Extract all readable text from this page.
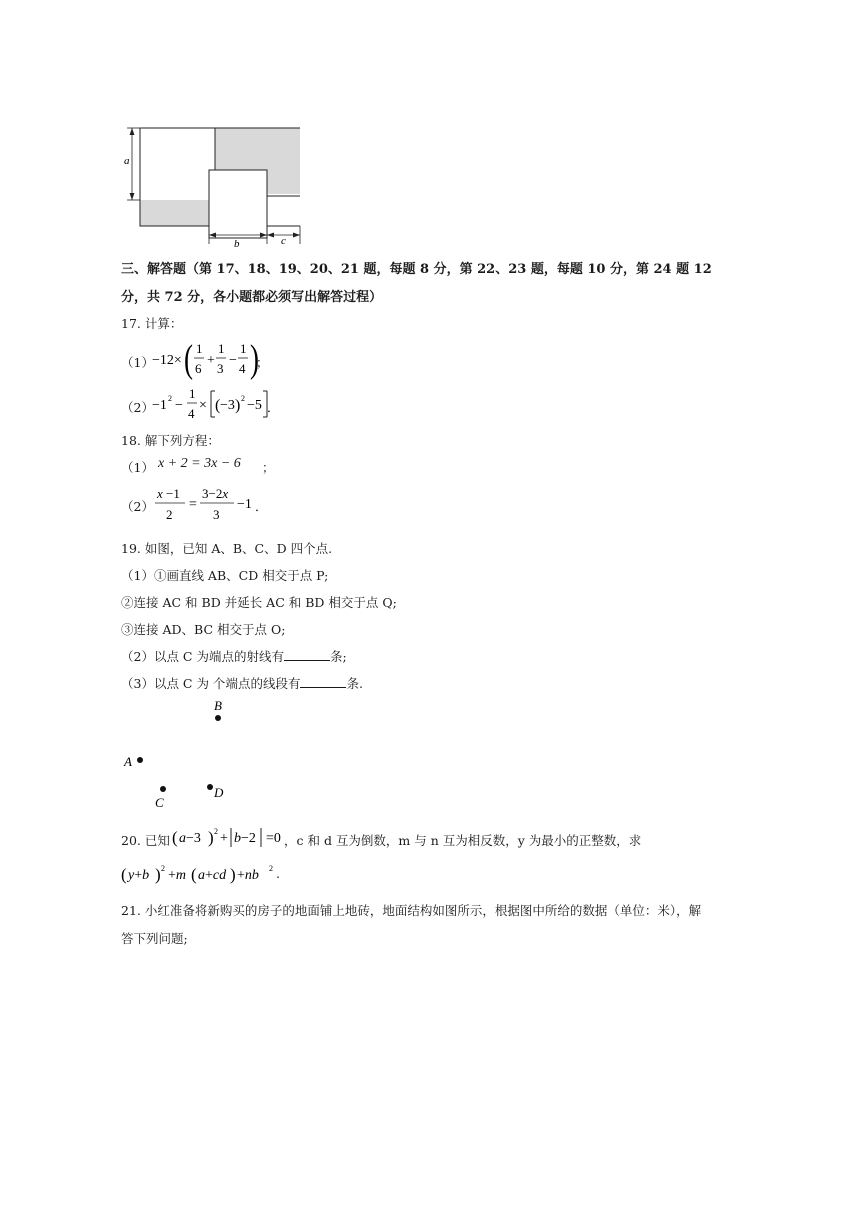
a
b	c
三、解答题（第 17、18、19、20、21 题，每题 8 分，第 22、23 题，每题 10 分，第 24 题 12
分，共 72 分，各小题都必须写出解答过程）
17. 计算：
（1）
−12× ( 1
6
+
1
3
−
1
4 )
；
（2）
−1 2 −
1
4
× ( −3 ) 2 −5 ．
18. 解下列方程：
（1） x + 2 = 3x − 6 ；
（2）
x −1
2
=
3−2x
3
−1 ．
19. 如图，已知 A、B、C、D 四个点.
（1）①画直线 AB、CD 相交于点 P;
②连接 AC 和 BD 并延长 AC 和 BD 相交于点 Q;
③连接 AD、BC 相交于点 O;
（2）以点 C 为端点的射线有	条;
（3）以点 C 为 个端点的线段有	条.
B
A
C
D
20. 已知 ( a−3 ) 2 + b−2 =0 ，c 和 d 互为倒数，m 与 n 互为相反数，y 为最小的正整数，求
( y+b ) 2 +m ( a+cd ) +nb 2 .
21. 小红准备将新购买的房子的地面铺上地砖，地面结构如图所示，根据图中所给的数据（单位：米），解
答下列问题;
